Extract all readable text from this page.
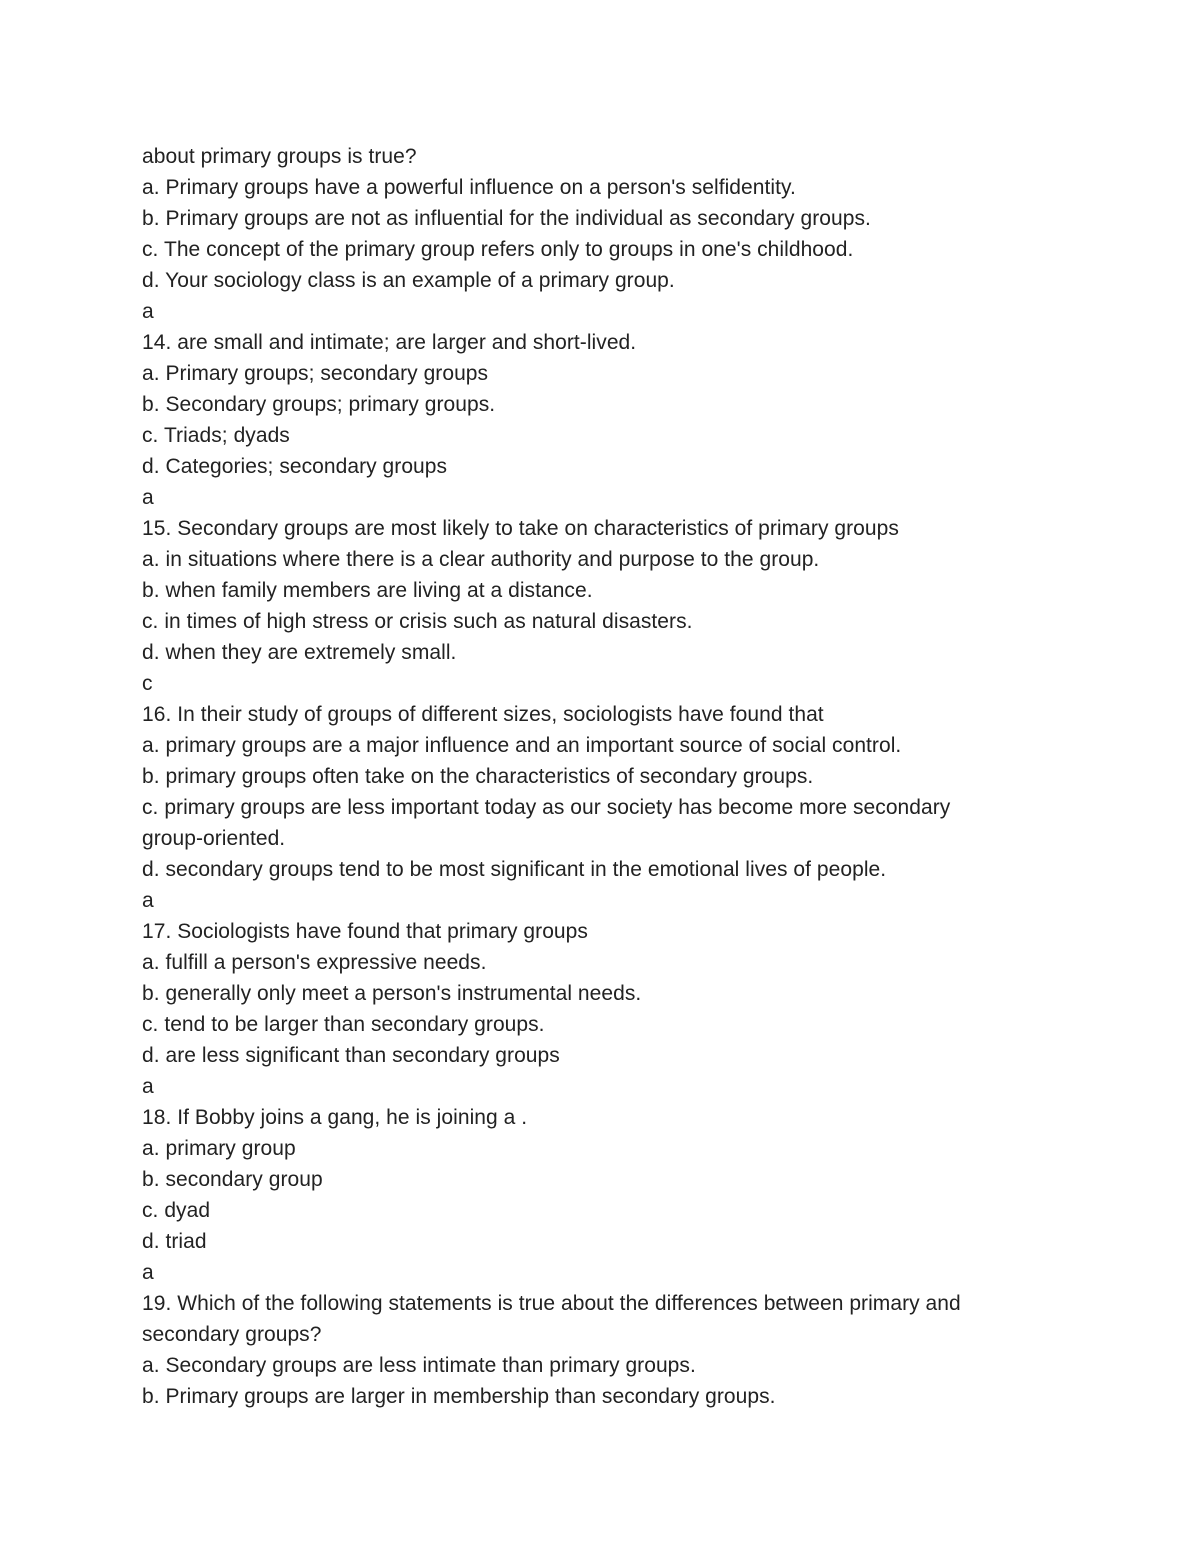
about primary groups is true?
a. Primary groups have a powerful influence on a person's selfidentity.
b. Primary groups are not as influential for the individual as secondary groups.
c. The concept of the primary group refers only to groups in one's childhood.
d. Your sociology class is an example of a primary group.
a
14. are small and intimate; are larger and short-lived.
a. Primary groups; secondary groups
b. Secondary groups; primary groups.
c. Triads; dyads
d. Categories; secondary groups
a
15. Secondary groups are most likely to take on characteristics of primary groups
a. in situations where there is a clear authority and purpose to the group.
b. when family members are living at a distance.
c. in times of high stress or crisis such as natural disasters.
d. when they are extremely small.
c
16. In their study of groups of different sizes, sociologists have found that
a. primary groups are a major influence and an important source of social control.
b. primary groups often take on the characteristics of secondary groups.
c. primary groups are less important today as our society has become more secondary
group-oriented.
d. secondary groups tend to be most significant in the emotional lives of people.
a
17. Sociologists have found that primary groups
a. fulfill a person's expressive needs.
b. generally only meet a person's instrumental needs.
c. tend to be larger than secondary groups.
d. are less significant than secondary groups
a
18. If Bobby joins a gang, he is joining a .
a. primary group
b. secondary group
c. dyad
d. triad
a
19. Which of the following statements is true about the differences between primary and
secondary groups?
a. Secondary groups are less intimate than primary groups.
b. Primary groups are larger in membership than secondary groups.
